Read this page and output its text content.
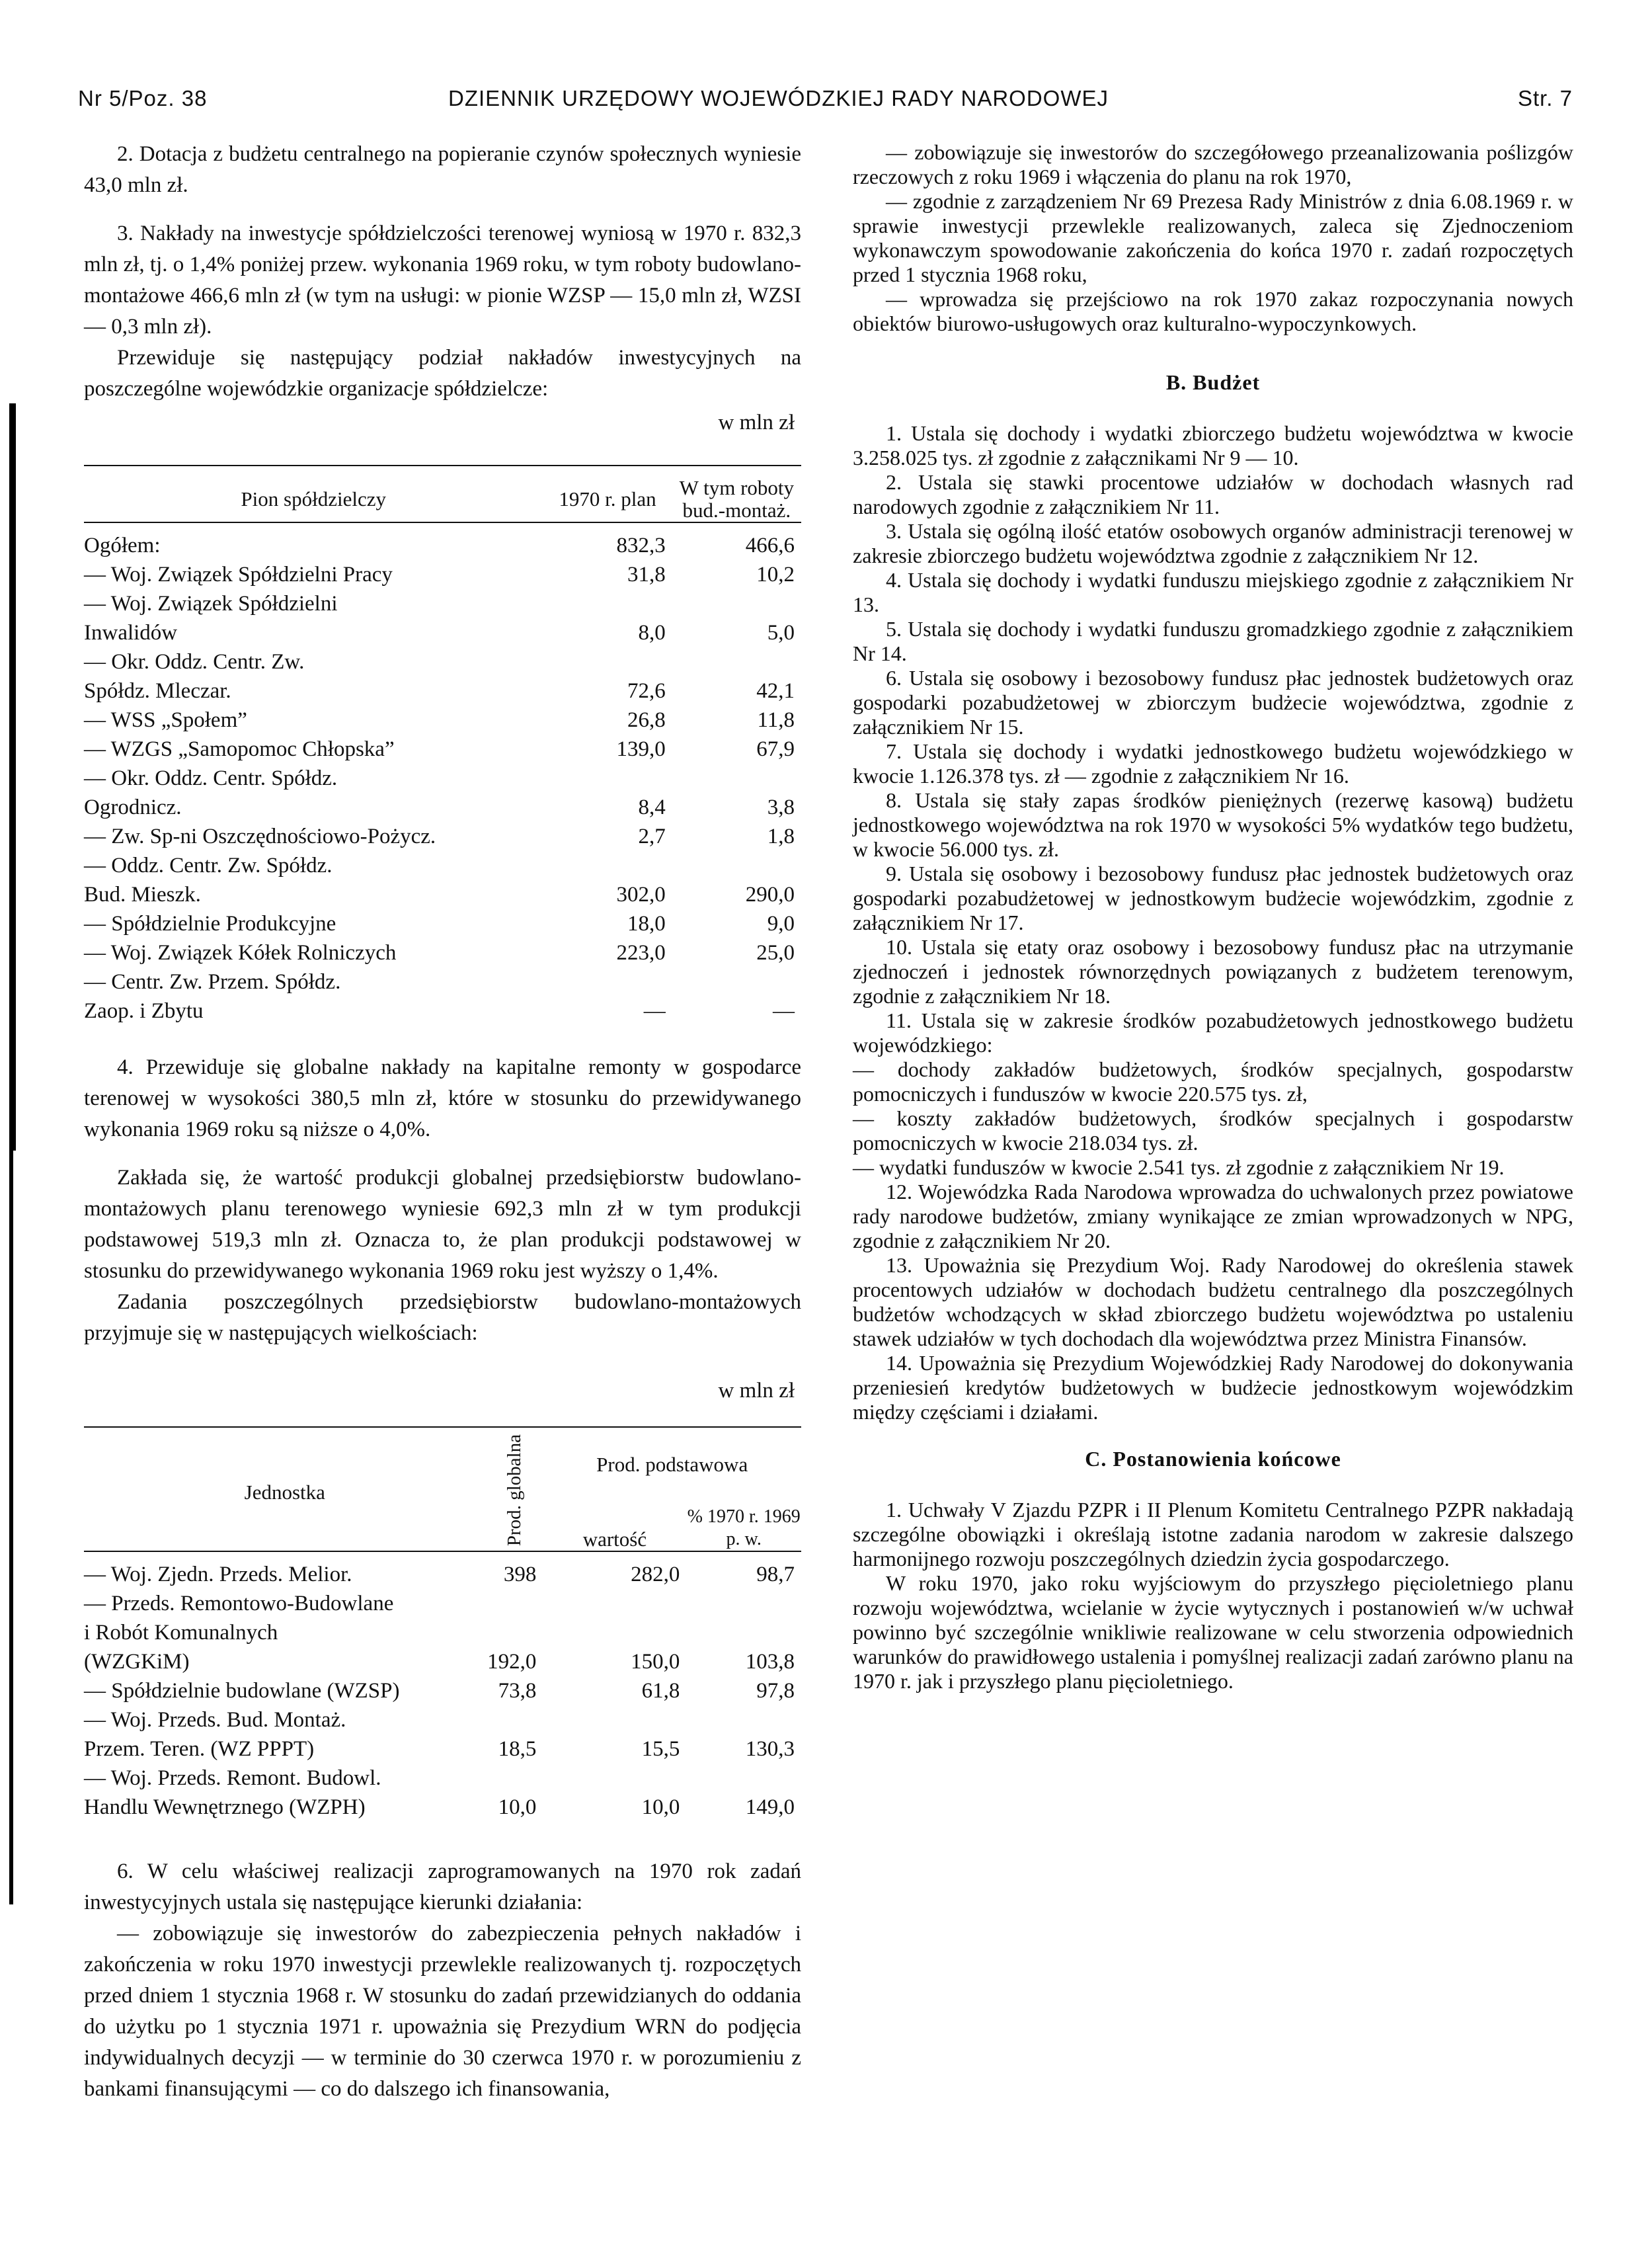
Nr 5/Poz. 38	DZIENNIK URZĘDOWY WOJEWÓDZKIEJ RADY NARODOWEJ	Str. 7

2. Dotacja z budżetu centralnego na popieranie czynów społecznych wyniesie 43,0 mln zł.

3. Nakłady na inwestycje spółdzielczości terenowej wyniosą w 1970 r. 832,3 mln zł, tj. o 1,4% poniżej przew. wykonania 1969 roku, w tym roboty budowlano-montażowe 466,6 mln zł (w tym na usługi: w pionie WZSP — 15,0 mln zł, WZSI — 0,3 mln zł).

Przewiduje się następujący podział nakładów inwestycyjnych na poszczególne wojewódzkie organizacje spółdzielcze:

w mln zł

Pion spółdzielczy	1970 r. plan	W tym roboty bud.-montaż.
Ogółem:	832,3	466,6
— Woj. Związek Spółdzielni Pracy	31,8	10,2
— Woj. Związek Spółdzielni		
Inwalidów	8,0	5,0
— Okr. Oddz. Centr. Zw.		
Spółdz. Mleczar.	72,6	42,1
— WSS „Społem”	26,8	11,8
— WZGS „Samopomoc Chłopska”	139,0	67,9
— Okr. Oddz. Centr. Spółdz.		
Ogrodnicz.	8,4	3,8
— Zw. Sp-ni Oszczędnościowo-Pożycz.	2,7	1,8
— Oddz. Centr. Zw. Spółdz.		
Bud. Mieszk.	302,0	290,0
— Spółdzielnie Produkcyjne	18,0	9,0
— Woj. Związek Kółek Rolniczych	223,0	25,0
— Centr. Zw. Przem. Spółdz.		
Zaop. i Zbytu	—	—

4. Przewiduje się globalne nakłady na kapitalne remonty w gospodarce terenowej w wysokości 380,5 mln zł, które w stosunku do przewidywanego wykonania 1969 roku są niższe o 4,0%.

Zakłada się, że wartość produkcji globalnej przedsiębiorstw budowlano-montażowych planu terenowego wyniesie 692,3 mln zł w tym produkcji podstawowej 519,3 mln zł. Oznacza to, że plan produkcji podstawowej w stosunku do przewidywanego wykonania 1969 roku jest wyższy o 1,4%.

Zadania poszczególnych przedsiębiorstw budowlano-montażowych przyjmuje się w następujących wielkościach:

w mln zł

Jednostka	Prod. globalna	Prod. podstawowa	
		wartość	% 1970 r. 1969 p. w.
— Woj. Zjedn. Przeds. Melior.	398	282,0	98,7
— Przeds. Remontowo-Budowlane			
i Robót Komunalnych			
(WZGKiM)	192,0	150,0	103,8
— Spółdzielnie budowlane (WZSP)	73,8	61,8	97,8
— Woj. Przeds. Bud. Montaż.			
Przem. Teren. (WZ PPPT)	18,5	15,5	130,3
— Woj. Przeds. Remont. Budowl.			
Handlu Wewnętrznego (WZPH)	10,0	10,0	149,0

6. W celu właściwej realizacji zaprogramowanych na 1970 rok zadań inwestycyjnych ustala się następujące kierunki działania:

— zobowiązuje się inwestorów do zabezpieczenia pełnych nakładów i zakończenia w roku 1970 inwestycji przewlekle realizowanych tj. rozpoczętych przed dniem 1 stycznia 1968 r. W stosunku do zadań przewidzianych do oddania do użytku po 1 stycznia 1971 r. upoważnia się Prezydium WRN do podjęcia indywidualnych decyzji — w terminie do 30 czerwca 1970 r. w porozumieniu z bankami finansującymi — co do dalszego ich finansowania,

— zobowiązuje się inwestorów do szczegółowego przeanalizowania poślizgów rzeczowych z roku 1969 i włączenia do planu na rok 1970,

— zgodnie z zarządzeniem Nr 69 Prezesa Rady Ministrów z dnia 6.08.1969 r. w sprawie inwestycji przewlekle realizowanych, zaleca się Zjednoczeniom wykonawczym spowodowanie zakończenia do końca 1970 r. zadań rozpoczętych przed 1 stycznia 1968 roku,

— wprowadza się przejściowo na rok 1970 zakaz rozpoczynania nowych obiektów biurowo-usługowych oraz kulturalno-wypoczynkowych.

B. Budżet

1. Ustala się dochody i wydatki zbiorczego budżetu województwa w kwocie 3.258.025 tys. zł zgodnie z załącznikami Nr 9 — 10.

2. Ustala się stawki procentowe udziałów w dochodach własnych rad narodowych zgodnie z załącznikiem Nr 11.

3. Ustala się ogólną ilość etatów osobowych organów administracji terenowej w zakresie zbiorczego budżetu województwa zgodnie z załącznikiem Nr 12.

4. Ustala się dochody i wydatki funduszu miejskiego zgodnie z załącznikiem Nr 13.

5. Ustala się dochody i wydatki funduszu gromadzkiego zgodnie z załącznikiem Nr 14.

6. Ustala się osobowy i bezosobowy fundusz płac jednostek budżetowych oraz gospodarki pozabudżetowej w zbiorczym budżecie województwa, zgodnie z załącznikiem Nr 15.

7. Ustala się dochody i wydatki jednostkowego budżetu wojewódzkiego w kwocie 1.126.378 tys. zł — zgodnie z załącznikiem Nr 16.

8. Ustala się stały zapas środków pieniężnych (rezerwę kasową) budżetu jednostkowego województwa na rok 1970 w wysokości 5% wydatków tego budżetu, w kwocie 56.000 tys. zł.

9. Ustala się osobowy i bezosobowy fundusz płac jednostek budżetowych oraz gospodarki pozabudżetowej w jednostkowym budżecie wojewódzkim, zgodnie z załącznikiem Nr 17.

10. Ustala się etaty oraz osobowy i bezosobowy fundusz płac na utrzymanie zjednoczeń i jednostek równorzędnych powiązanych z budżetem terenowym, zgodnie z załącznikiem Nr 18.

11. Ustala się w zakresie środków pozabudżetowych jednostkowego budżetu wojewódzkiego:

— dochody zakładów budżetowych, środków specjalnych, gospodarstw pomocniczych i funduszów w kwocie 220.575 tys. zł,

— koszty zakładów budżetowych, środków specjalnych i gospodarstw pomocniczych w kwocie 218.034 tys. zł.

— wydatki funduszów w kwocie 2.541 tys. zł zgodnie z załącznikiem Nr 19.

12. Wojewódzka Rada Narodowa wprowadza do uchwalonych przez powiatowe rady narodowe budżetów, zmiany wynikające ze zmian wprowadzonych w NPG, zgodnie z załącznikiem Nr 20.

13. Upoważnia się Prezydium Woj. Rady Narodowej do określenia stawek procentowych udziałów w dochodach budżetu centralnego dla poszczególnych budżetów wchodzących w skład zbiorczego budżetu województwa po ustaleniu stawek udziałów w tych dochodach dla województwa przez Ministra Finansów.

14. Upoważnia się Prezydium Wojewódzkiej Rady Narodowej do dokonywania przeniesień kredytów budżetowych w budżecie jednostkowym wojewódzkim między częściami i działami.

C. Postanowienia końcowe

1. Uchwały V Zjazdu PZPR i II Plenum Komitetu Centralnego PZPR nakładają szczególne obowiązki i określają istotne zadania narodom w zakresie dalszego harmonijnego rozwoju poszczególnych dziedzin życia gospodarczego.

W roku 1970, jako roku wyjściowym do przyszłego pięcioletniego planu rozwoju województwa, wcielanie w życie wytycznych i postanowień w/w uchwał powinno być szczególnie wnikliwie realizowane w celu stworzenia odpowiednich warunków do prawidłowego ustalenia i pomyślnej realizacji zadań zarówno planu na 1970 r. jak i przyszłego planu pięcioletniego.
